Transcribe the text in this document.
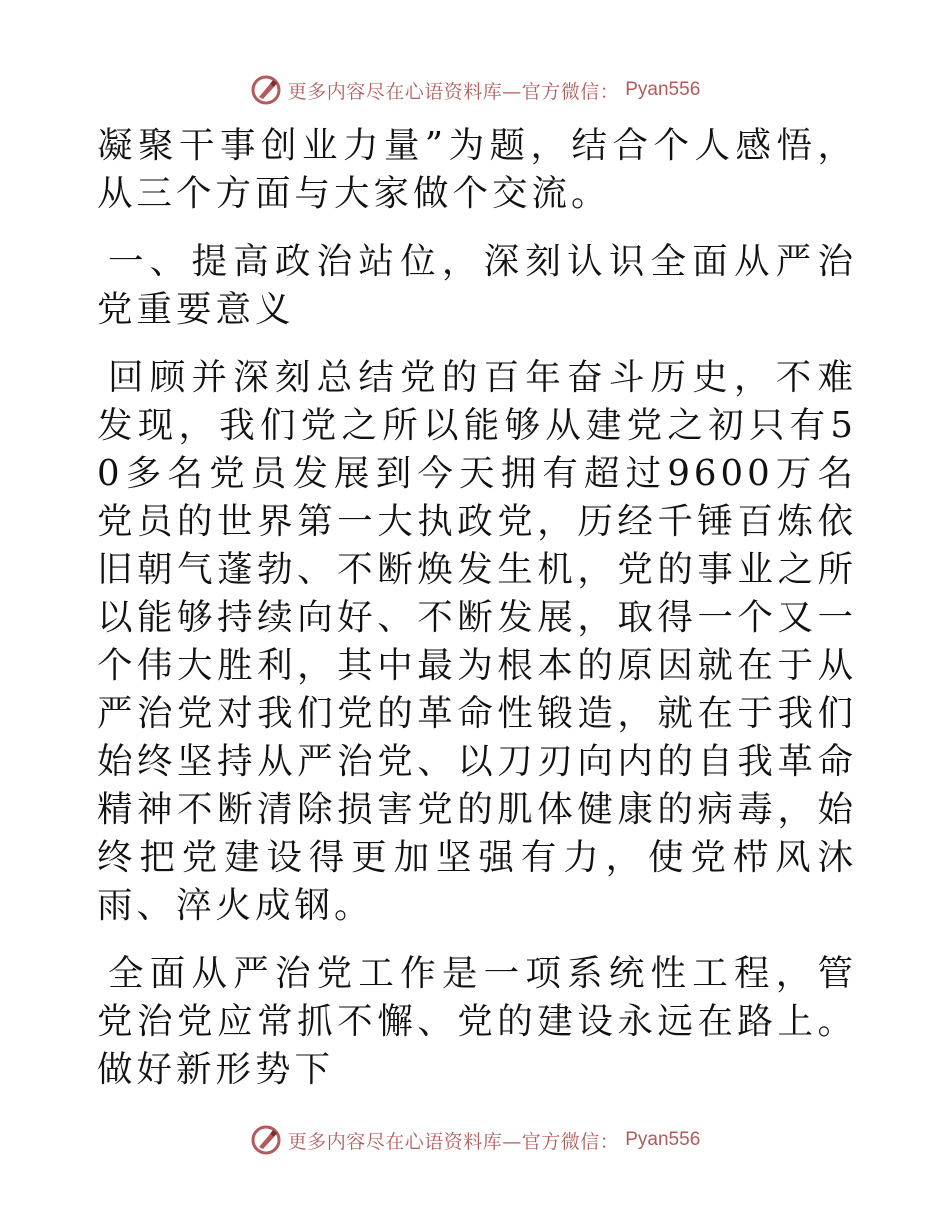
更多内容尽在心语资料库—官方微信： Pyan556

凝聚干事创业力量”为题，结合个人感悟，从三个方面与大家做个交流。

一、提高政治站位，深刻认识全面从严治党重要意义

回顾并深刻总结党的百年奋斗历史，不难发现，我们党之所以能够从建党之初只有50多名党员发展到今天拥有超过9600万名党员的世界第一大执政党，历经千锤百炼依旧朝气蓬勃、不断焕发生机，党的事业之所以能够持续向好、不断发展，取得一个又一个伟大胜利，其中最为根本的原因就在于从严治党对我们党的革命性锻造，就在于我们始终坚持从严治党、以刀刃向内的自我革命精神不断清除损害党的肌体健康的病毒，始终把党建设得更加坚强有力，使党栉风沐雨、淬火成钢。

全面从严治党工作是一项系统性工程，管党治党应常抓不懈、党的建设永远在路上。做好新形势下

更多内容尽在心语资料库—官方微信： Pyan556
